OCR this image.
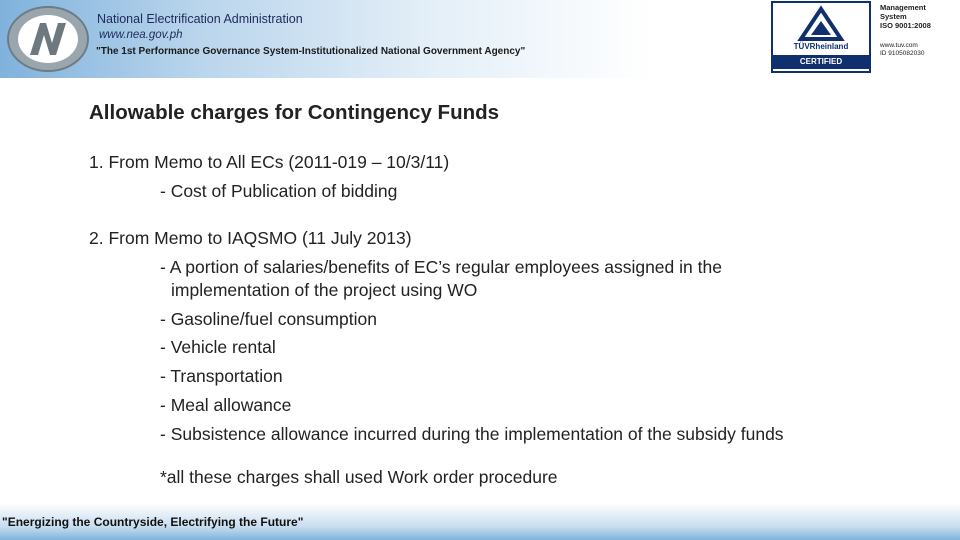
National Electrification Administration
www.nea.gov.ph
"The 1st Performance Governance System-Institutionalized National Government Agency"	TÜVRheinland
CERTIFIED
Management
System
ISO 9001:2008
www.tuv.com
ID 9105082030
Allowable charges for Contingency Funds
1. From Memo to All ECs (2011-019 – 10/3/11)
- Cost of Publication of bidding
2. From Memo to IAQSMO (11 July 2013)
- A portion of salaries/benefits of EC’s regular employees assigned in the
implementation of the project using WO
- Gasoline/fuel consumption
- Vehicle rental
- Transportation
- Meal allowance
- Subsistence allowance incurred during the implementation of the subsidy funds
*all these charges shall used Work order procedure
"Energizing the Countryside, Electrifying the Future"
